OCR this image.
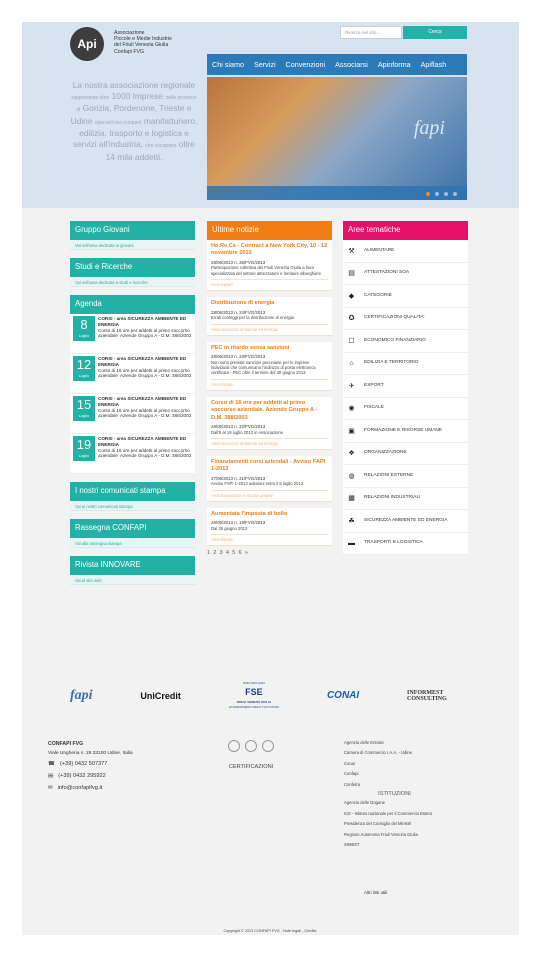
Api
Associazione
Piccole e Medie Industrie
del Friuli Venezia Giulia
Confapi FVG
Ricerca nel sito...	Cerca
Chi siamo	Servizi	Convenzioni	Associarsi	Apinforma	Apiflash
fapi
La nostra associazione regionale rappresenta oltre 1000 Imprese, nelle province di Gorizia, Pordenone, Trieste e Udine operanti nei comparti manifatturiero, edilizia, trasporto e logistica e servizi all'industria, che occupano oltre 14 mila addetti.
Gruppo Giovani
Vai nell'area dedicata ai giovani
Studi e Ricerche
Vai nell'area dedicata a studi e ricerche
Agenda
8
Luglio
CORSI - area SICUREZZA AMBIENTE ED ENERGIA
Corso di 16 ore per addetti al primo soccorso aziendale. Aziende Gruppo A - D.M. 388/2003
12
Luglio
CORSI - area SICUREZZA AMBIENTE ED ENERGIA
Corso di 16 ore per addetti al primo soccorso aziendale. Aziende Gruppo A - D.M. 388/2003
15
Luglio
CORSI - area SICUREZZA AMBIENTE ED ENERGIA
Corso di 16 ore per addetti al primo soccorso aziendale. Aziende Gruppo A - D.M. 388/2003
19
Luglio
CORSI - area SICUREZZA AMBIENTE ED ENERGIA
Corso di 16 ore per addetti al primo soccorso aziendale. Aziende Gruppo A - D.M. 388/2003
I nostri comunicati stampa
Vai ai nostri comunicati stampa
Rassegna CONFAPI
Vai alla rassegna stampa
Rivista INNOVARE
Vai al sito web
Ultime notizie
Ho.Re.Ca - Contract a New York City, 10 - 12 novembre 2013
28/06/2013 n. 25/FVG/2013
Partecipazione collettiva del Friuli Venezia Giulia a fiera specializzata del settore attrezzature e forniture alberghiere
Area export
Distribuzione di energia
28/06/2013 n. 24/FVG/2013
Errati conteggi per la distribuzione di energia
Area sicurezza ambiente ed energia
PEC in ritardo senza sanzioni
28/06/2013 n. 23/FVG/2013
Non sono previste sanzioni pecuniarie per le imprese individuali che comunicano l'indirizzo di posta elettronica certificata - PEC oltre il termine del 30 giugno 2013.
Area fiscale
Corso di 16 ore per addetti al primo soccorso aziendale. Aziende Gruppo A - D.M. 388/2003
28/06/2013 n. 22/FVG/2013
Dall'8 al 19 luglio 2013 in Associazione
Area sicurezza ambiente ed energia
Finanziamenti corsi aziendali - Avviso FAPI 1-2013
27/06/2013 n. 21/FVG/2013
Avviso FAPI 1-2013 adesioni entro il 5 luglio 2013
Area formazione e risorse umane
Aumentata l'imposta di bollo
26/06/2013 n. 19/FVG/2013
Dal 26 giugno 2013
Area fiscale
1 2 3 4 5 6 »
Aree tematiche
⚒ ALIMENTARE
▤ ATTESTAZIONI SOA
◆	CATEGORIE
✪	CERTIFICAZIONI QUALITA'
☐ ECONOMICO FINANZIARIO
⌂	EDILIZIA E TERRITORIO
✈	EXPORT
◉	FISCALE
▣ FORMAZIONE E RISORSE UMANE
❖ ORGANIZZAZIONE
◍	RELAZIONI ESTERNE
▦ RELAZIONI INDUSTRIALI
☘ SICUREZZA AMBIENTE ED ENERGIA
▬ TRASPORTI E LOGISTICA
fapi	UniCredit
POR 2007-2013
FSE
FRIULI VENEZIA GIULIA
UN INVESTIMENTO PER IL TUO FUTURO
CONAI	INFORMEST CONSULTING
CONFAPI FVG
Viale Ungheria n. 28 33100 Udine, Italia
☎ (+39) 0432 507377
▤ (+39) 0432 295922
✉ info@confapifvg.it
CERTIFICAZIONI

Agenzia delle Entrate

Camera di Commercio I.A.A. - Udine

Conai

Confapi

Confetra

ISTITUZIONI

Agenzia delle Dogane

ICE - Istituto nazionale per il Commercio Estero

Presidenza del Consiglio dei Ministri

Regione Autonoma Friuli Venezia Giulia

SIMEST

Altri link utili
Copyright © 2013 CONFAPI FVG - Note legali - Credits
